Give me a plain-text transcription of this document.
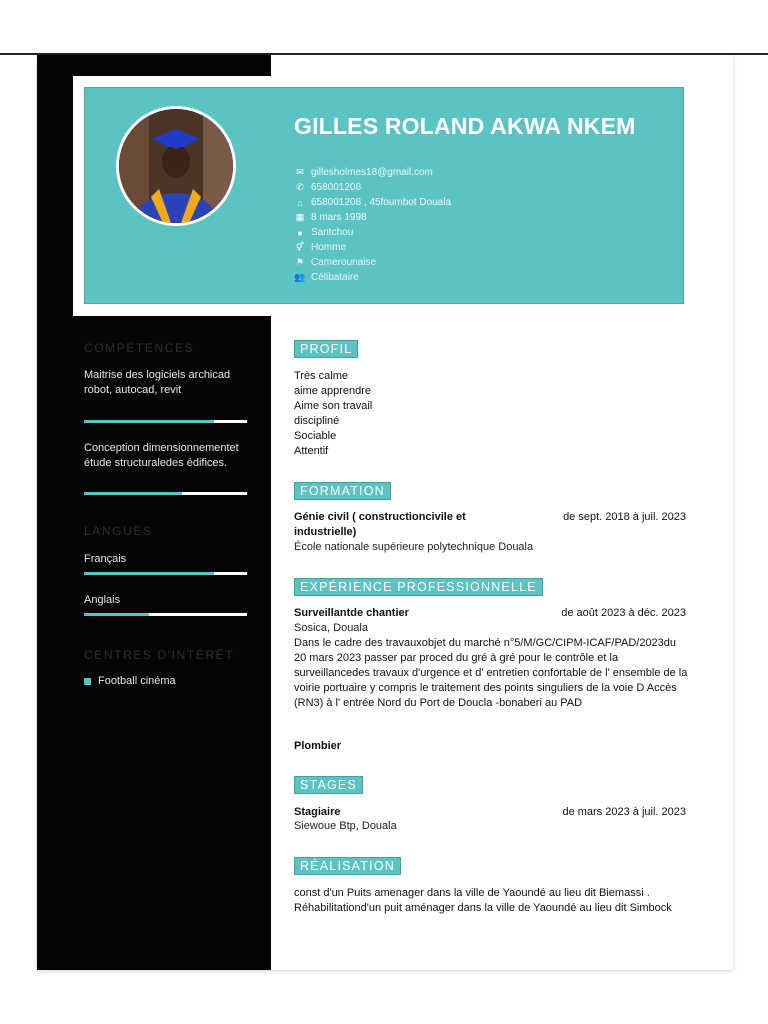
GILLES ROLAND AKWA NKEM
✉ gillesholmes18@gmail.com
✆ 658001208
⌂ 658001208 , 45foumbot Douala
▦ 8 mars 1998
● Santchou
⚥ Homme
⚑ Camerounaise
👥 Célibataire
COMPÉTENCES
Maitrise des logiciels archicad robot, autocad, revit
Conception dimensionnementet étude structuraledes édifices.
LANGUES
Français
Anglais
CENTRES D'INTÉRÊT
Football cinéma
PROFIL
Très calme
aime apprendre
Aime son travail
discipliné
Sociable
Attentif
FORMATION
Génie civil ( constructioncivile et industrielle)
de sept. 2018 à juil. 2023
École nationale supérieure polytechnique Douala
EXPÉRIENCE PROFESSIONNELLE
Surveillantde chantier	de août 2023 à déc. 2023
Sosica, Douala
Dans le cadre des travauxobjet du marché n°5/M/GC/CIPM-ICAF/PAD/2023du 20 mars 2023 passer par proced du gré à gré pour le contrôle et la surveillancedes travaux d'urgence et d' entretien confortable de l' ensemble de la voirie portuaire y compris le traitement des points singuliers de la voie D Accès (RN3) à l' entrée Nord du Port de Doucla -bonaberi au PAD
Plombier
STAGES
Stagiaire	de mars 2023 à juil. 2023
Siewoue Btp, Douala
RÉALISATION
const d'un Puits amenager dans la ville de Yaoundé au lieu dit Biemassi . Réhabilitationd'un puit aménager dans la ville de Yaoundé au lieu dit Simbock
